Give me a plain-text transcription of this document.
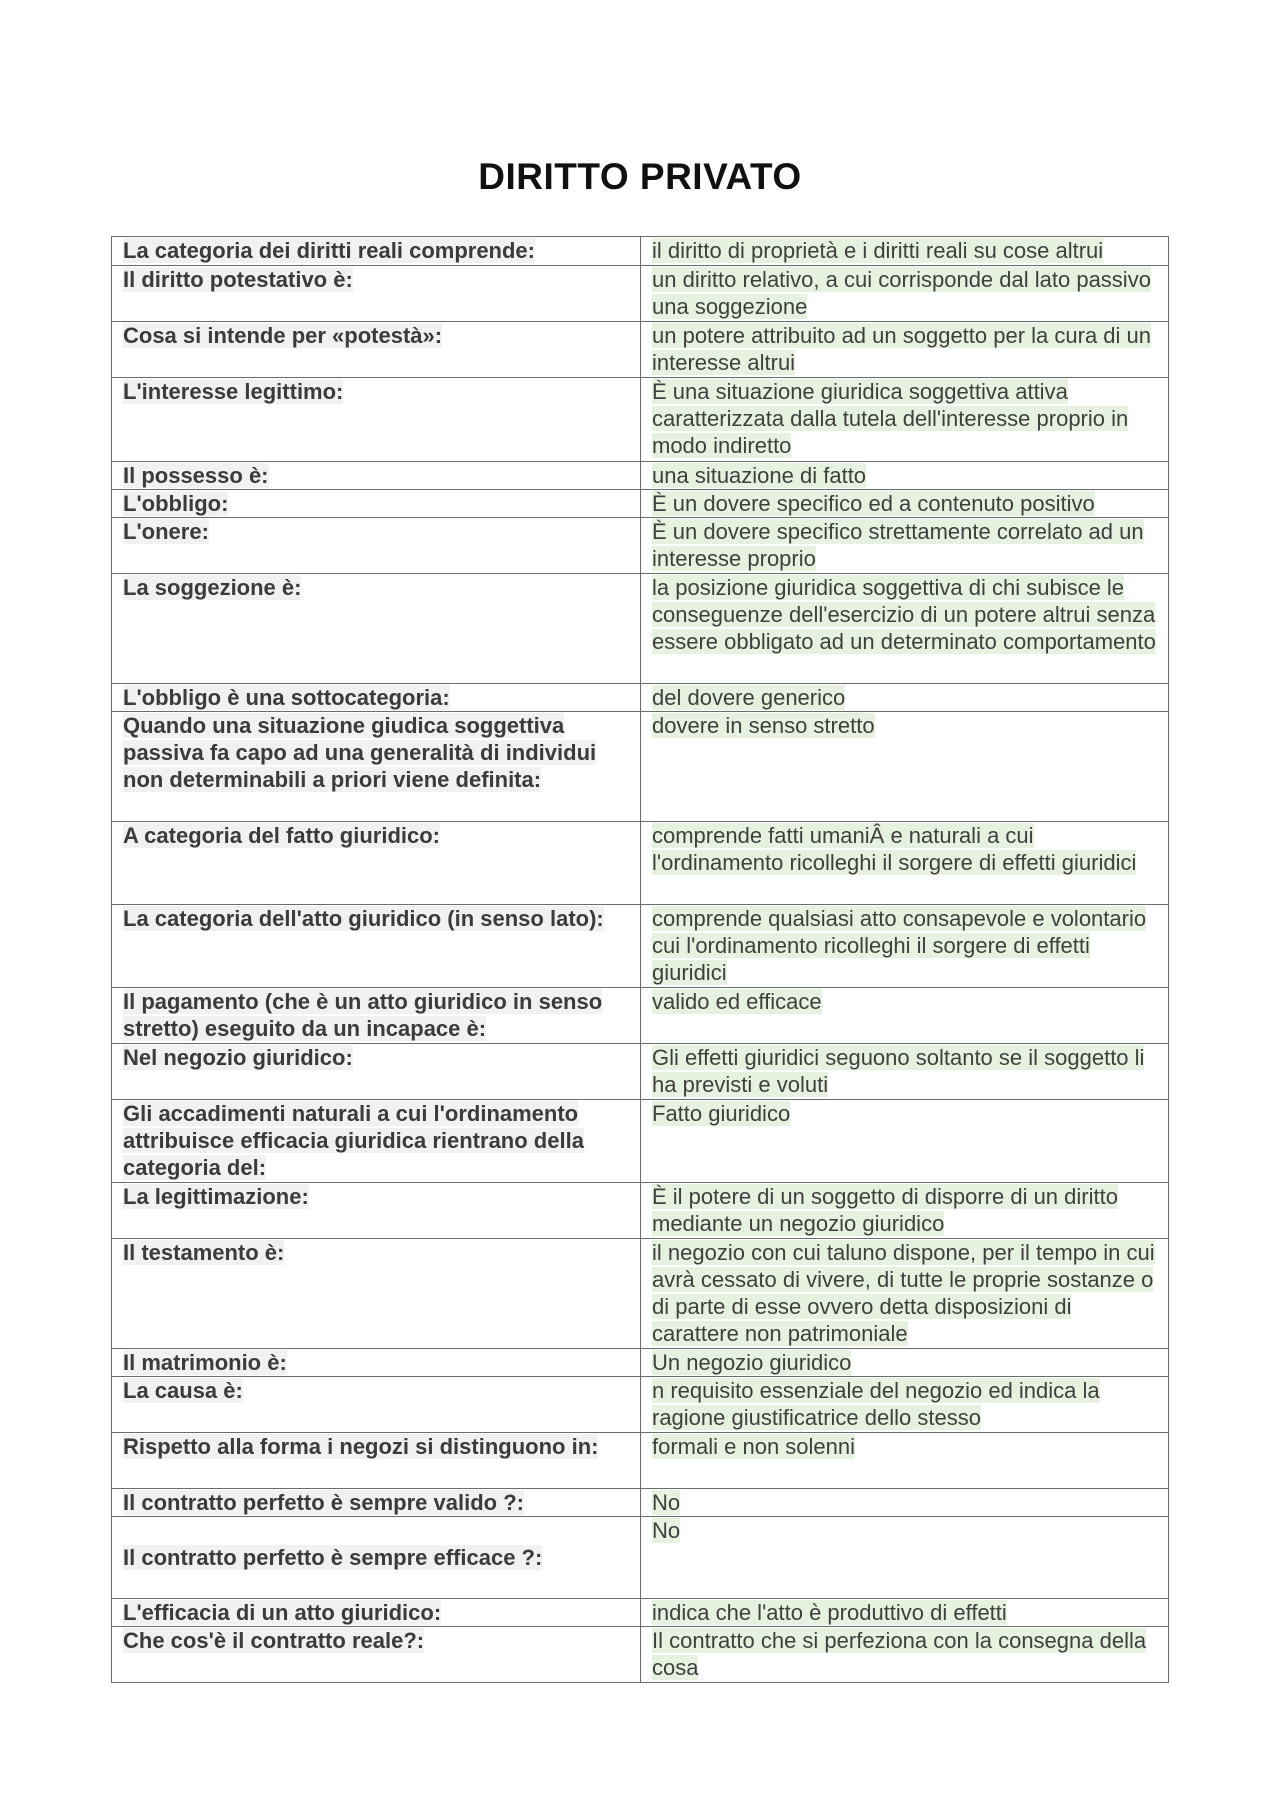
DIRITTO PRIVATO
La categoria dei diritti reali comprende:	il diritto di proprietà e i diritti reali su cose altrui
Il diritto potestativo è:	un diritto relativo, a cui corrisponde dal lato passivo una soggezione
Cosa si intende per «potestà»:	un potere attribuito ad un soggetto per la cura di un interesse altrui
L'interesse legittimo:	È una situazione giuridica soggettiva attiva caratterizzata dalla tutela dell'interesse proprio in modo indiretto
Il possesso è:	una situazione di fatto
L'obbligo:	È un dovere specifico ed a contenuto positivo
L'onere:	È un dovere specifico strettamente correlato ad un interesse proprio
La soggezione è:	la posizione giuridica soggettiva di chi subisce le conseguenze dell'esercizio di un potere altrui senza essere obbligato ad un determinato comportamento
L'obbligo è una sottocategoria:	del dovere generico
Quando una situazione giudica soggettiva passiva fa capo ad una generalità di individui non determinabili a priori viene definita:	dovere in senso stretto
A categoria del fatto giuridico:	comprende fatti umaniÂ e naturali a cui l'ordinamento ricolleghi il sorgere di effetti giuridici
La categoria dell'atto giuridico (in senso lato):	comprende qualsiasi atto consapevole e volontario cui l'ordinamento ricolleghi il sorgere di effetti giuridici
Il pagamento (che è un atto giuridico in senso stretto) eseguito da un incapace è:	valido ed efficace
Nel negozio giuridico:	Gli effetti giuridici seguono soltanto se il soggetto li ha previsti e voluti
Gli accadimenti naturali a cui l'ordinamento attribuisce efficacia giuridica rientrano della categoria del:	Fatto giuridico
La legittimazione:	È il potere di un soggetto di disporre di un diritto mediante un negozio giuridico
Il testamento è:	il negozio con cui taluno dispone, per il tempo in cui avrà cessato di vivere, di tutte le proprie sostanze o di parte di esse ovvero detta disposizioni di carattere non patrimoniale
Il matrimonio è:	Un negozio giuridico
La causa è:	n requisito essenziale del negozio ed indica la ragione giustificatrice dello stesso
Rispetto alla forma i negozi si distinguono in:	formali e non solenni
Il contratto perfetto è sempre valido ?:	No
Il contratto perfetto è sempre efficace ?:	No
L'efficacia di un atto giuridico:	indica che l'atto è produttivo di effetti
Che cos'è il contratto reale?:	Il contratto che si perfeziona con la consegna della cosa
